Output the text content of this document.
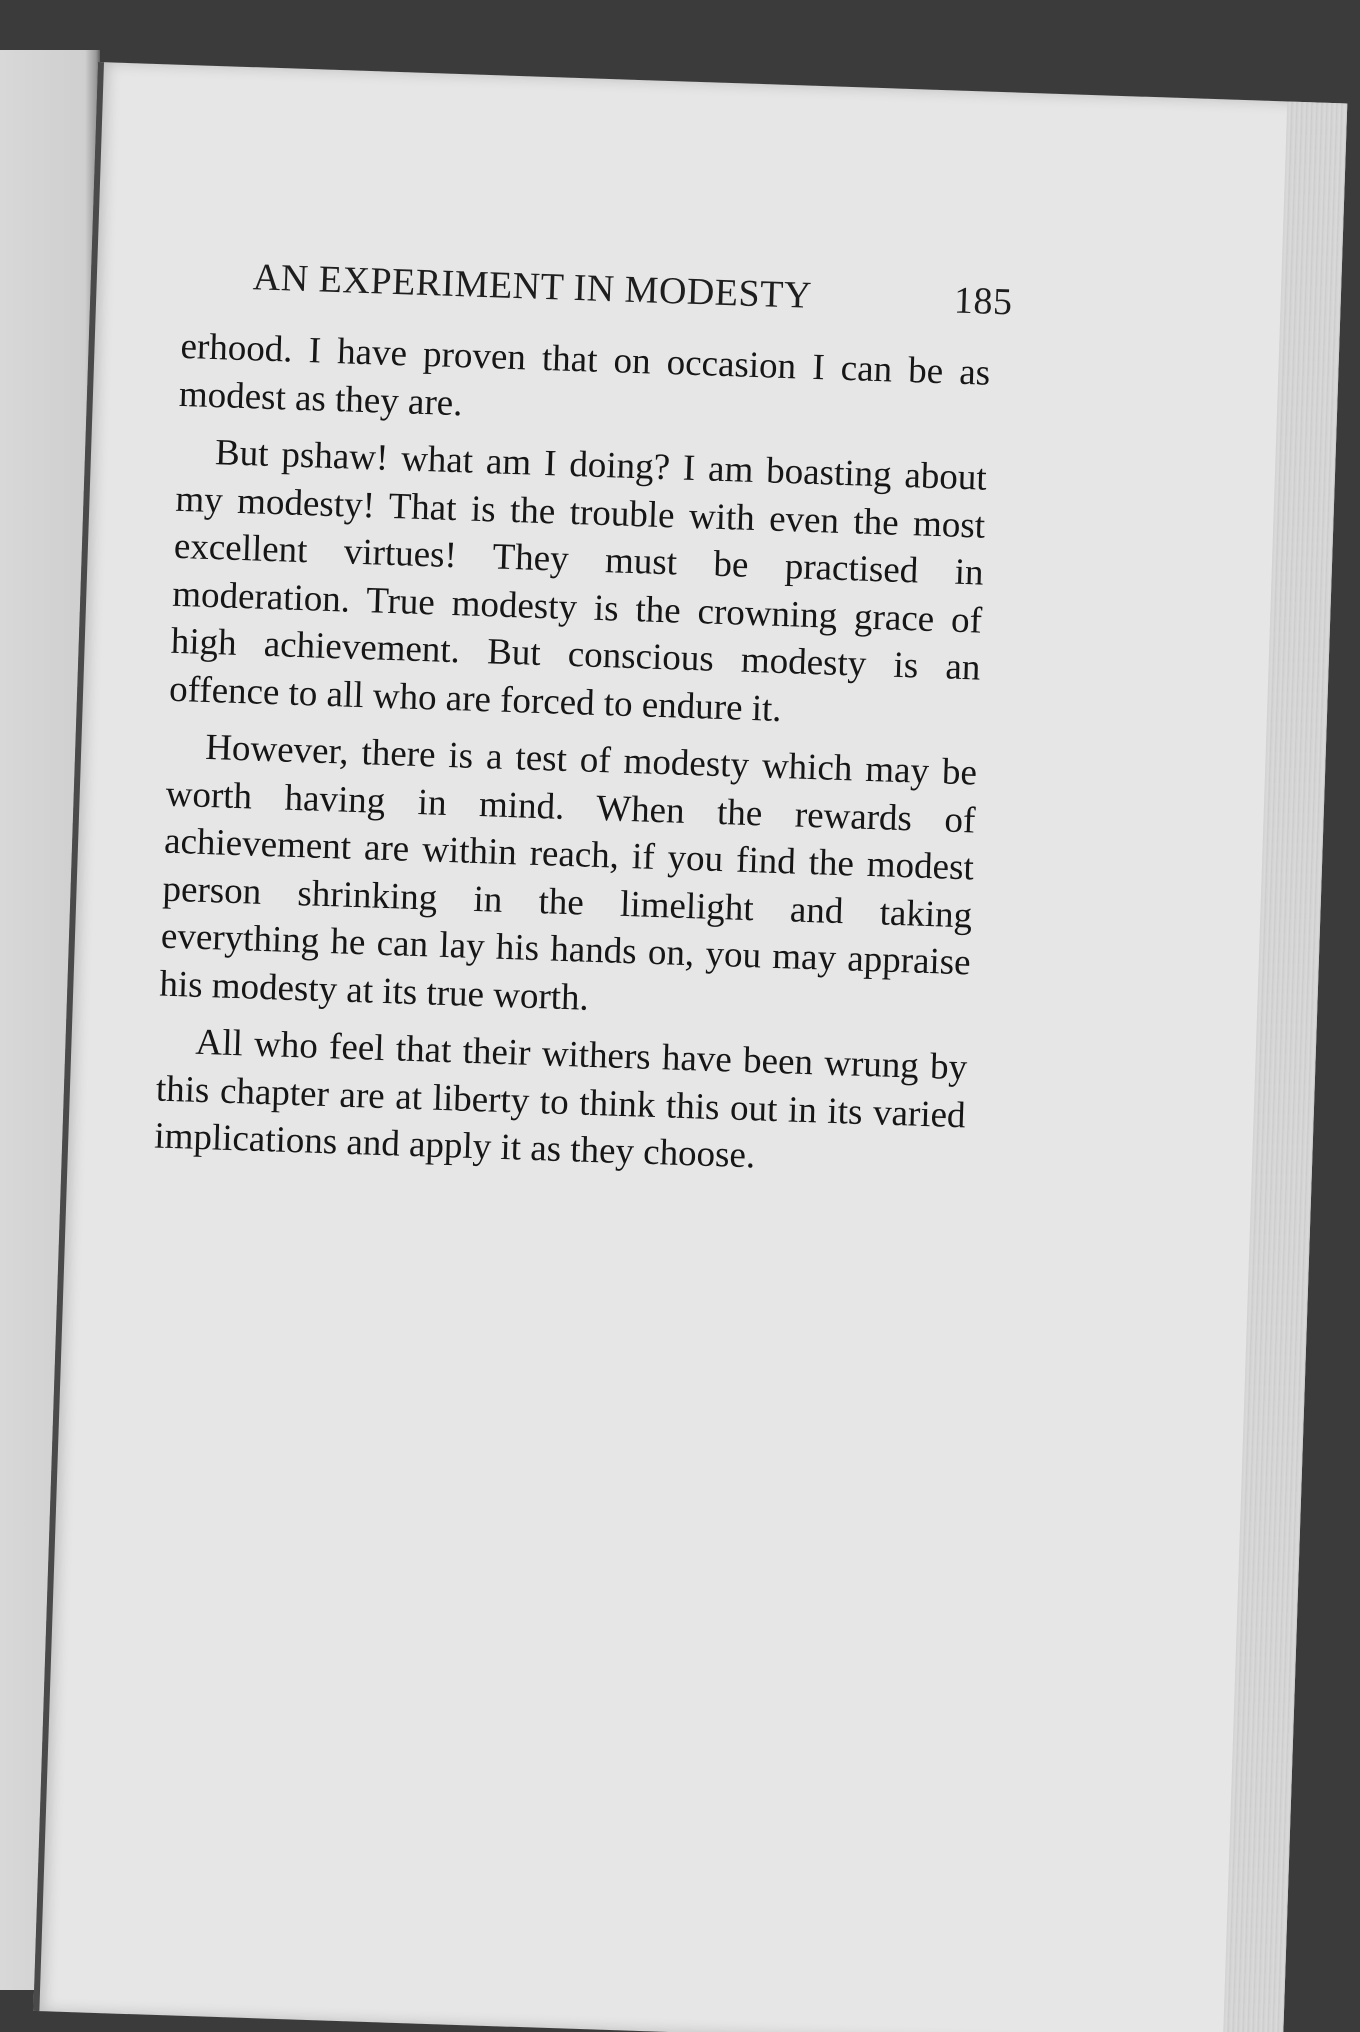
AN EXPERIMENT IN MODESTY	185

erhood. I have proven that on occasion I can be as modest as they are.

But pshaw! what am I doing? I am boasting about my modesty! That is the trouble with even the most excellent virtues! They must be practised in moderation. True modesty is the crowning grace of high achievement. But conscious modesty is an offence to all who are forced to endure it.

However, there is a test of modesty which may be worth having in mind. When the rewards of achievement are within reach, if you find the modest person shrinking in the limelight and taking everything he can lay his hands on, you may appraise his modesty at its true worth.

All who feel that their withers have been wrung by this chapter are at liberty to think this out in its varied implications and apply it as they choose.
